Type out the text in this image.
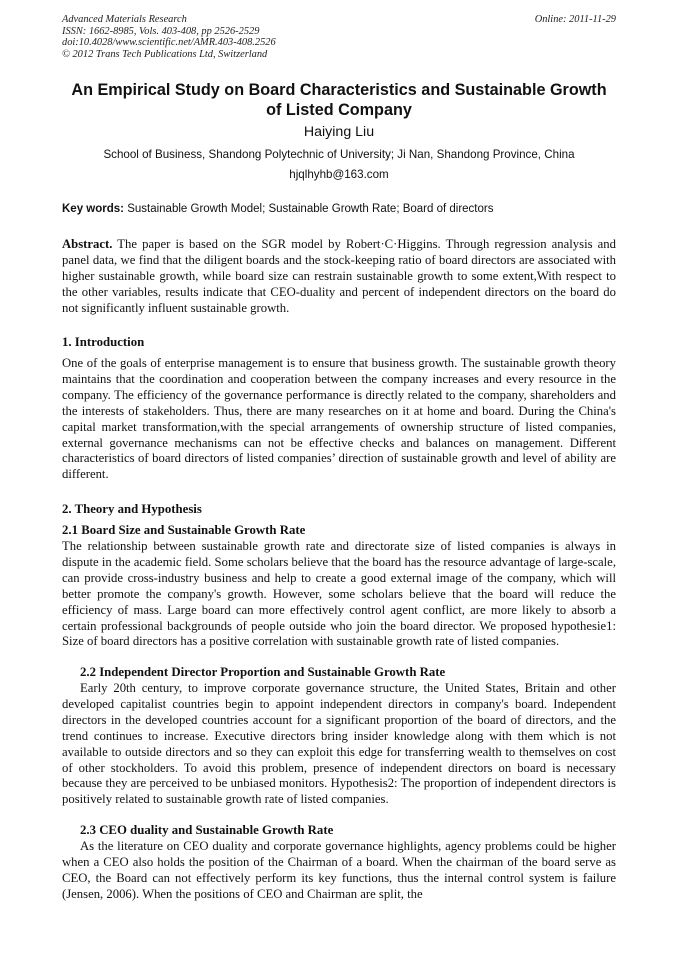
Advanced Materials Research
ISSN: 1662-8985, Vols. 403-408, pp 2526-2529
doi:10.4028/www.scientific.net/AMR.403-408.2526
© 2012 Trans Tech Publications Ltd, Switzerland
Online: 2011-11-29
An Empirical Study on Board Characteristics and Sustainable Growth of Listed Company
Haiying Liu
School of Business, Shandong Polytechnic of University; Ji Nan, Shandong Province, China
hjqlhyhb@163.com
Key words: Sustainable Growth Model; Sustainable Growth Rate; Board of directors
Abstract. The paper is based on the SGR model by Robert·C·Higgins. Through regression analysis and panel data, we find that the diligent boards and the stock-keeping ratio of board directors are associated with higher sustainable growth, while board size can restrain sustainable growth to some extent,With respect to the other variables, results indicate that CEO-duality and percent of independent directors on the board do not significantly influent sustainable growth.
1. Introduction
One of the goals of enterprise management is to ensure that business growth. The sustainable growth theory maintains that the coordination and cooperation between the company increases and every resource in the company. The efficiency of the governance performance is directly related to the company, shareholders and the interests of stakeholders. Thus, there are many researches on it at home and board. During the China's capital market transformation,with the special arrangements of ownership structure of listed companies, external governance mechanisms can not be effective checks and balances on management. Different characteristics of board directors of listed companies’ direction of sustainable growth and level of ability are different.
2. Theory and Hypothesis
2.1 Board Size and Sustainable Growth Rate
The relationship between sustainable growth rate and directorate size of listed companies is always in dispute in the academic field. Some scholars believe that the board has the resource advantage of large-scale, can provide cross-industry business and help to create a good external image of the company, which will better promote the company's growth. However, some scholars believe that the board will reduce the efficiency of mass. Large board can more effectively control agent conflict, are more likely to absorb a certain professional backgrounds of people outside who join the board director. We proposed hypothesie1: Size of board directors has a positive correlation with sustainable growth rate of listed companies.
2.2 Independent Director Proportion and Sustainable Growth Rate
Early 20th century, to improve corporate governance structure, the United States, Britain and other developed capitalist countries begin to appoint independent directors in company's board. Independent directors in the developed countries account for a significant proportion of the board of directors, and the trend continues to increase. Executive directors bring insider knowledge along with them which is not available to outside directors and so they can exploit this edge for transferring wealth to themselves on cost of other stockholders. To avoid this problem, presence of independent directors on board is necessary because they are perceived to be unbiased monitors. Hypothesis2: The proportion of independent directors is positively related to sustainable growth rate of listed companies.
2.3 CEO duality and Sustainable Growth Rate
As the literature on CEO duality and corporate governance highlights, agency problems could be higher when a CEO also holds the position of the Chairman of a board. When the chairman of the board serve as CEO, the Board can not effectively perform its key functions, thus the internal control system is failure (Jensen, 2006). When the positions of CEO and Chairman are split, the
